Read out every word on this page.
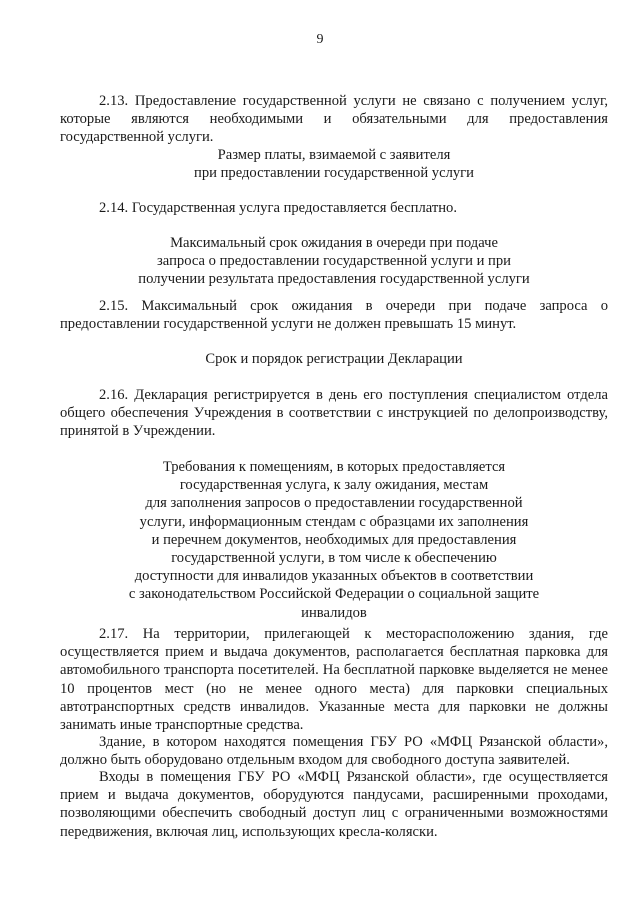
9

2.13. Предоставление государственной услуги не связано с получением услуг, которые являются необходимыми и обязательными для предоставления государственной услуги.

Размер платы, взимаемой с заявителя
при предоставлении государственной услуги

2.14. Государственная услуга предоставляется бесплатно.

Максимальный срок ожидания в очереди при подаче
запроса о предоставлении государственной услуги и при
получении результата предоставления государственной услуги

2.15. Максимальный срок ожидания в очереди при подаче запроса о предоставлении государственной услуги не должен превышать 15 минут.

Срок и порядок регистрации Декларации

2.16. Декларация регистрируется в день его поступления специалистом отдела общего обеспечения Учреждения в соответствии с инструкцией по делопроизводству, принятой в Учреждении.

Требования к помещениям, в которых предоставляется
государственная услуга, к залу ожидания, местам
для заполнения запросов о предоставлении государственной
услуги, информационным стендам с образцами их заполнения
и перечнем документов, необходимых для предоставления
государственной услуги, в том числе к обеспечению
доступности для инвалидов указанных объектов в соответствии
с законодательством Российской Федерации о социальной защите
инвалидов

2.17. На территории, прилегающей к месторасположению здания, где осуществляется прием и выдача документов, располагается бесплатная парковка для автомобильного транспорта посетителей. На бесплатной парковке выделяется не менее 10 процентов мест (но не менее одного места) для парковки специальных автотранспортных средств инвалидов. Указанные места для парковки не должны занимать иные транспортные средства.

Здание, в котором находятся помещения ГБУ РО «МФЦ Рязанской области», должно быть оборудовано отдельным входом для свободного доступа заявителей.

Входы в помещения ГБУ РО «МФЦ Рязанской области», где осуществляется прием и выдача документов, оборудуются пандусами, расширенными проходами, позволяющими обеспечить свободный доступ лиц с ограниченными возможностями передвижения, включая лиц, использующих кресла-коляски.
